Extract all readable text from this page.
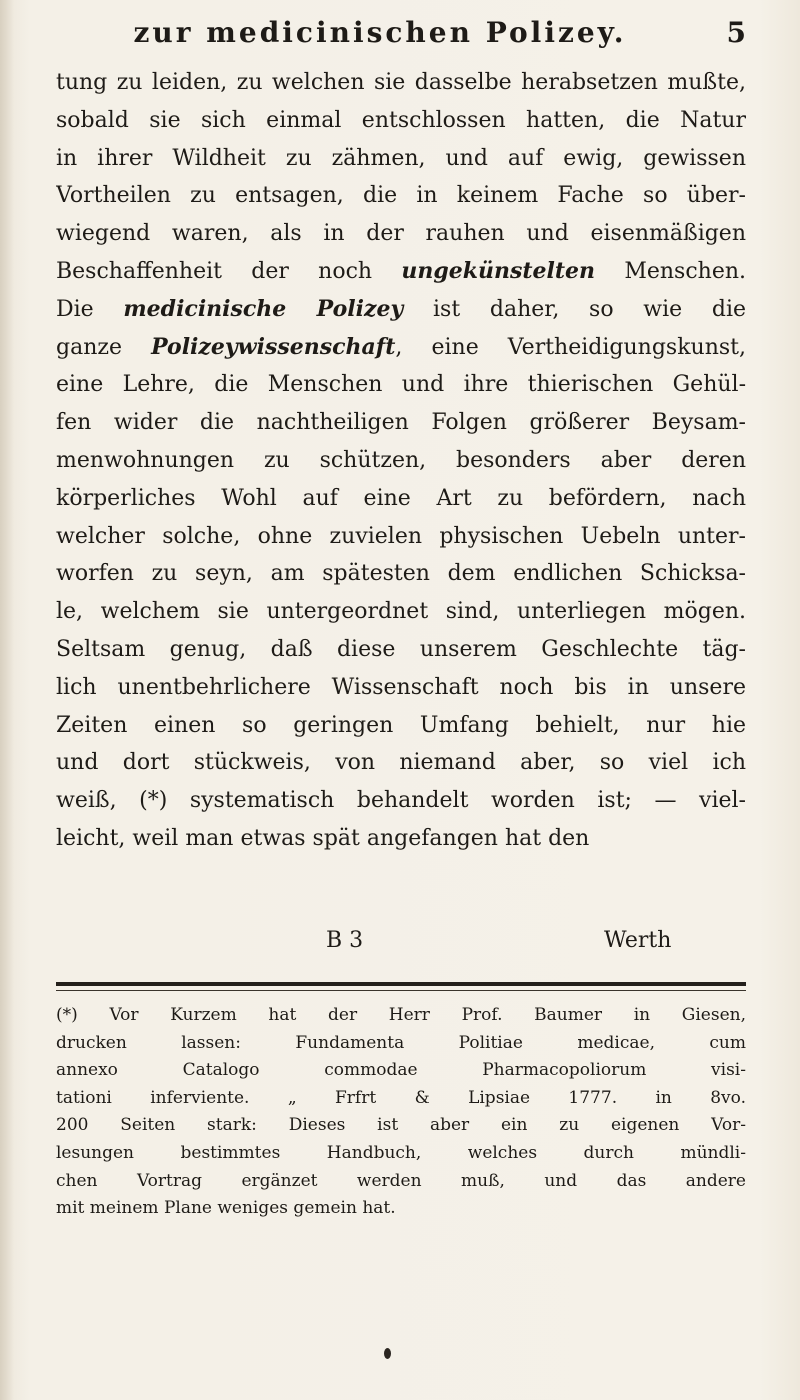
zur medicinischen Polizey.	5
tung zu leiden, zu welchen sie dasselbe herabsetzen mußte,
sobald sie sich einmal entschlossen hatten, die Natur
in ihrer Wildheit zu zähmen, und auf ewig, gewissen
Vortheilen zu entsagen, die in keinem Fache so über-
wiegend waren, als in der rauhen und eisenmäßigen
Beschaffenheit der noch ungekünstelten Menschen.
Die medicinische Polizey ist daher, so wie die
ganze Polizeywissenschaft, eine Vertheidigungskunst,
eine Lehre, die Menschen und ihre thierischen Gehül-
fen wider die nachtheiligen Folgen größerer Beysam-
menwohnungen zu schützen, besonders aber deren
körperliches Wohl auf eine Art zu befördern, nach
welcher solche, ohne zuvielen physischen Uebeln unter-
worfen zu seyn, am spätesten dem endlichen Schicksa-
le, welchem sie untergeordnet sind, unterliegen mögen.
Seltsam genug, daß diese unserem Geschlechte täg-
lich unentbehrlichere Wissenschaft noch bis in unsere
Zeiten einen so geringen Umfang behielt, nur hie
und dort stückweis, von niemand aber, so viel ich
weiß, (*) systematisch behandelt worden ist; — viel-
leicht, weil man etwas spät angefangen hat den
B 3	Werth
(*) Vor Kurzem hat der Herr Prof. Baumer in Giesen,
drucken lassen: Fundamenta Politiae medicae, cum
annexo Catalogo commodae Pharmacopoliorum visi-
tationi inferviente. „ Frfrt & Lipsiae 1777. in 8vo.
200 Seiten stark: Dieses ist aber ein zu eigenen Vor-
lesungen bestimmtes Handbuch, welches durch mündli-
chen Vortrag ergänzet werden muß, und das andere
mit meinem Plane weniges gemein hat.
